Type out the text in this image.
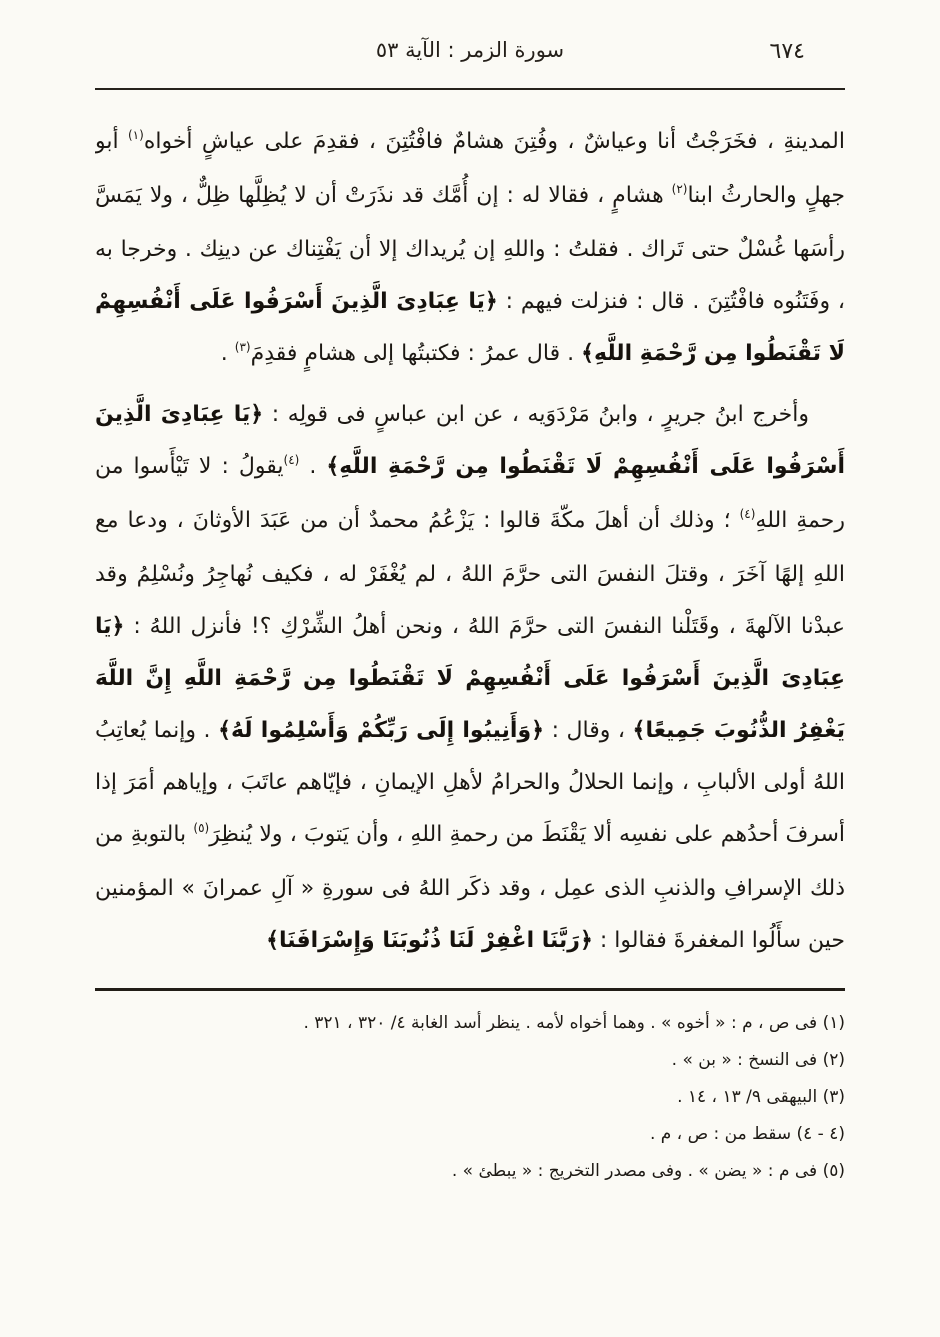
سورة الزمر : الآية ٥٣	٦٧٤

المدينةِ ، فخَرَجْتُ أنا وعياشٌ ، وفُتِنَ هشامٌ فافْتُتِنَ ، فقدِمَ على عياشٍ أخواه$^{(١)}$ أبو جهلٍ والحارثُ ابنا$^{(٢)}$ هشامٍ ، فقالا له : إن أُمَّك قد نذَرَتْ أن لا يُظِلَّها ظِلٌّ ، ولا يَمَسَّ رأسَها غُسْلٌ حتى تَراك . فقلتُ : واللهِ إن يُريداك إلا أن يَفْتِناك عن دينِك . وخرجا به ، وفَتَنُوه فافْتُتِنَ . قال : فنزلت فيهم : ﴿يَا عِبَادِىَ الَّذِينَ أَسْرَفُوا عَلَى أَنْفُسِهِمْ لَا تَقْنَطُوا مِن رَّحْمَةِ اللَّهِ﴾ . قال عمرُ : فكتبتُها إلى هشامٍ فقدِمَ$^{(٣)}$ .

وأخرج ابنُ جريرٍ ، وابنُ مَرْدَوَيه ، عن ابن عباسٍ فى قولِه : ﴿يَا عِبَادِىَ الَّذِينَ أَسْرَفُوا عَلَى أَنْفُسِهِمْ لَا تَقْنَطُوا مِن رَّحْمَةِ اللَّهِ﴾ . $^{(٤)}$يقولُ : لا تَيْأَسوا من رحمةِ اللهِ$^{(٤)}$ ؛ وذلك أن أهلَ مكّةَ قالوا : يَزْعُمُ محمدٌ أن من عَبَدَ الأوثانَ ، ودعا مع اللهِ إلهًا آخَرَ ، وقتلَ النفسَ التى حرَّمَ اللهُ ، لم يُغْفَرْ له ، فكيف نُهاجِرُ ونُسْلِمُ وقد عبدْنا الآلهةَ ، وقَتَلْنا النفسَ التى حرَّمَ اللهُ ، ونحن أهلُ الشِّرْكِ ؟! فأنزل اللهُ : ﴿يَا عِبَادِىَ الَّذِينَ أَسْرَفُوا عَلَى أَنْفُسِهِمْ لَا تَقْنَطُوا مِن رَّحْمَةِ اللَّهِ إِنَّ اللَّهَ يَغْفِرُ الذُّنُوبَ جَمِيعًا﴾ ، وقال : ﴿وَأَنِيبُوا إِلَى رَبِّكُمْ وَأَسْلِمُوا لَهُ﴾ . وإنما يُعاتِبُ اللهُ أولى الألبابِ ، وإنما الحلالُ والحرامُ لأهلِ الإيمانِ ، فإيّاهم عاتَبَ ، وإياهم أمَرَ إذا أسرفَ أحدُهم على نفسِه ألا يَقْنَطَ من رحمةِ اللهِ ، وأن يَتوبَ ، ولا يُنظِرَ$^{(٥)}$ بالتوبةِ من ذلك الإسرافِ والذنبِ الذى عمِل ، وقد ذكَر اللهُ فى سورةِ « آلِ عمرانَ » المؤمنين حين سأَلُوا المغفرةَ فقالوا : ﴿رَبَّنَا اغْفِرْ لَنَا ذُنُوبَنَا وَإِسْرَافَنَا﴾

(١) فى ص ، م : « أخوه » . وهما أخواه لأمه . ينظر أسد الغابة ٤/ ٣٢٠ ، ٣٢١ .
(٢) فى النسخ : « بن » .
(٣) البيهقى ٩/ ١٣ ، ١٤ .
(٤ - ٤) سقط من : ص ، م .
(٥) فى م : « يضن » . وفى مصدر التخريج : « يبطئ » .
